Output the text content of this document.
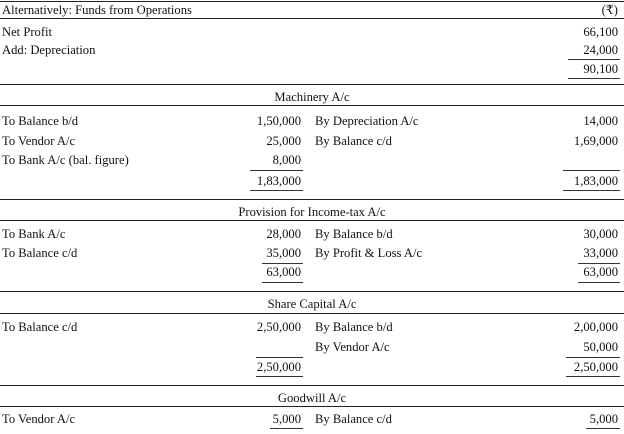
Alternatively: Funds from Operations	(₹)
Net Profit	66,100
Add: Depreciation	24,000
90,100
Machinery A/c
To Balance b/d	1,50,000 By Depreciation A/c	14,000
To Vendor A/c	25,000 By Balance c/d	1,69,000
To Bank A/c (bal. figure)	8,000
1,83,000	1,83,000
Provision for Income-tax A/c
To Bank A/c	28,000 By Balance b/d	30,000
To Balance c/d	35,000 By Profit & Loss A/c	33,000
63,000	63,000
Share Capital A/c
To Balance c/d	2,50,000 By Balance b/d	2,00,000
By Vendor A/c	50,000
2,50,000	2,50,000
Goodwill A/c
To Vendor A/c	5,000 By Balance c/d	5,000
